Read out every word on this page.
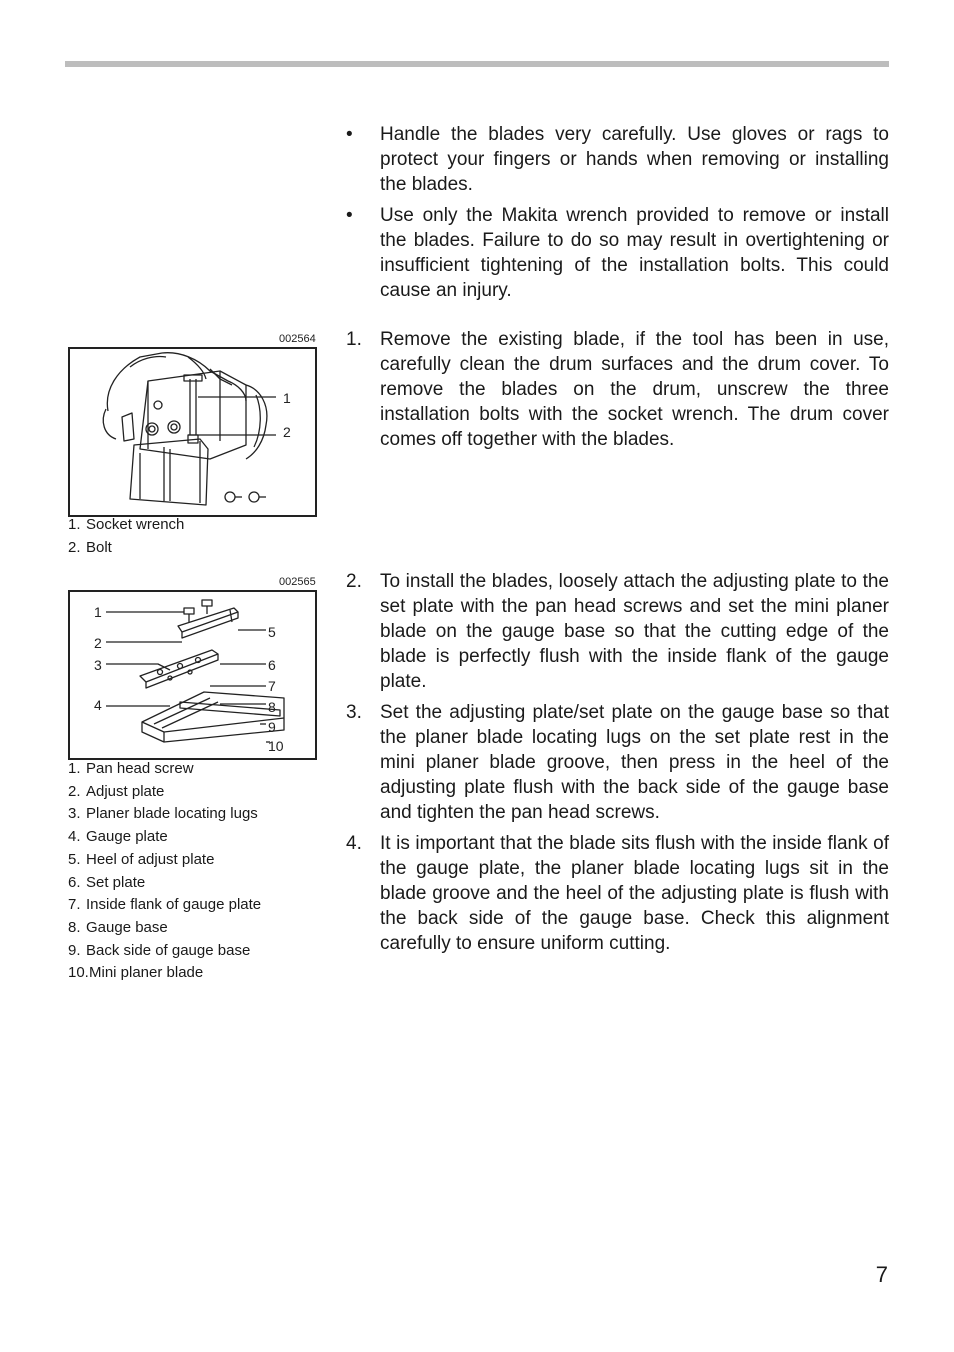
•	Handle the blades very carefully. Use gloves or rags to protect your fingers or hands when removing or installing the blades.
•	Use only the Makita wrench provided to remove or install the blades. Failure to do so may result in overtightening or insufficient tightening of the installation bolts. This could cause an injury.
1. Remove the existing blade, if the tool has been in use, carefully clean the drum surfaces and the drum cover. To remove the blades on the drum, unscrew the three installation bolts with the socket wrench. The drum cover comes off together with the blades.
2. To install the blades, loosely attach the adjusting plate to the set plate with the pan head screws and set the mini planer blade on the gauge base so that the cutting edge of the blade is perfectly flush with the inside flank of the gauge plate.
3. Set the adjusting plate/set plate on the gauge base so that the planer blade locating lugs on the set plate rest in the mini planer blade groove, then press in the heel of the adjusting plate flush with the back side of the gauge base and tighten the pan head screws.
4. It is important that the blade sits flush with the inside flank of the gauge plate, the planer blade locating lugs sit in the blade groove and the heel of the adjusting plate is flush with the back side of the gauge base. Check this alignment carefully to ensure uniform cutting.
002564
1
2
1. Socket wrench
2. Bolt
002565
1
2
3
4
5
6
7
8
9
10
1. Pan head screw
2. Adjust plate
3. Planer blade locating lugs
4. Gauge plate
5. Heel of adjust plate
6. Set plate
7. Inside flank of gauge plate
8. Gauge base
9. Back side of gauge base
10. Mini planer blade
7
